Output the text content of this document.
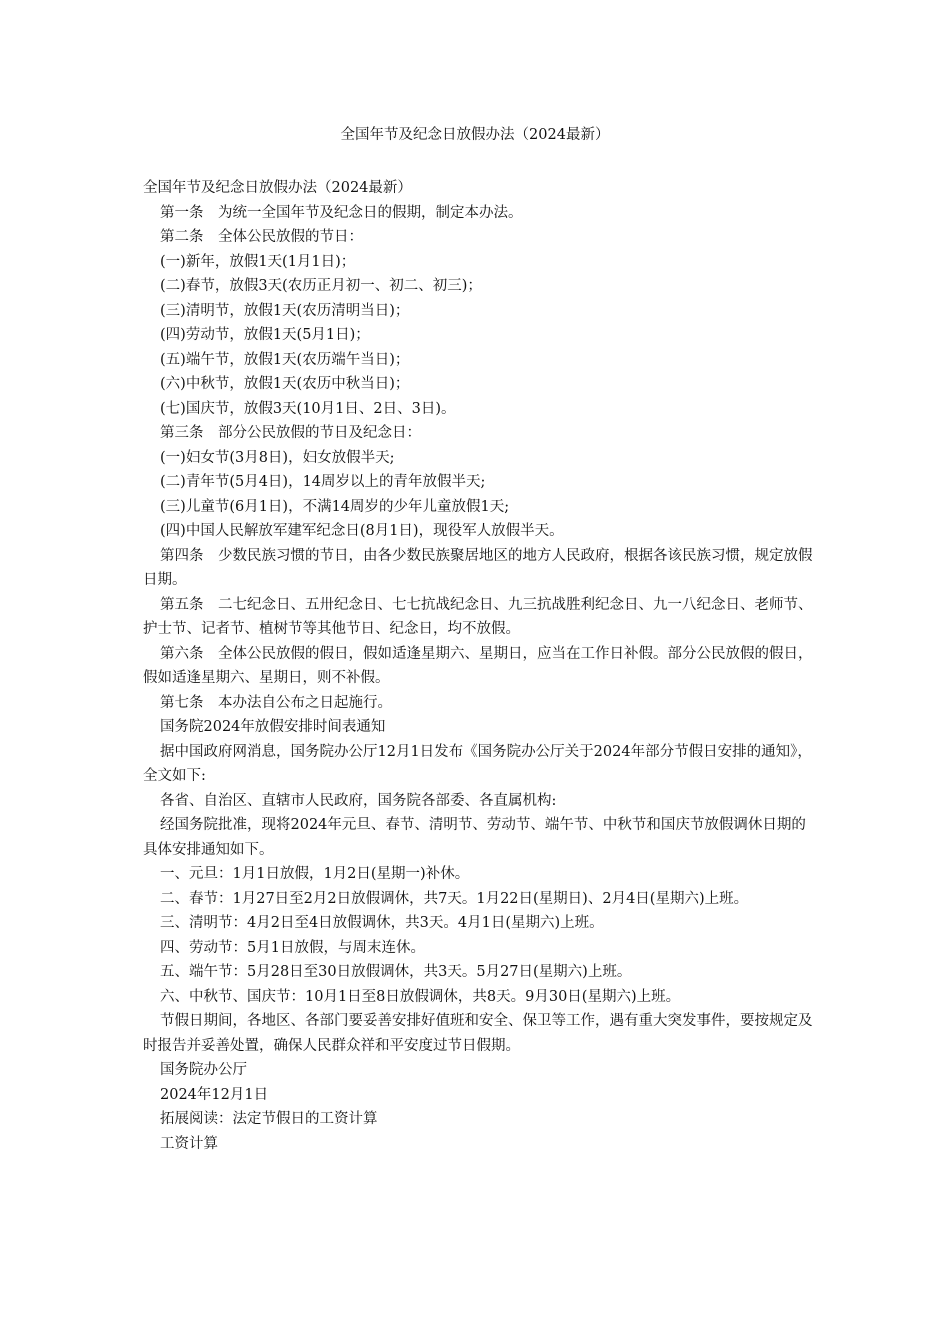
全国年节及纪念日放假办法（2024最新）

全国年节及纪念日放假办法（2024最新）

第一条　为统一全国年节及纪念日的假期，制定本办法。

第二条　全体公民放假的节日：

(一)新年，放假1天(1月1日)；

(二)春节，放假3天(农历正月初一、初二、初三)；

(三)清明节，放假1天(农历清明当日)；

(四)劳动节，放假1天(5月1日)；

(五)端午节，放假1天(农历端午当日)；

(六)中秋节，放假1天(农历中秋当日)；

(七)国庆节，放假3天(10月1日、2日、3日)。

第三条　部分公民放假的节日及纪念日：

(一)妇女节(3月8日)，妇女放假半天;

(二)青年节(5月4日)，14周岁以上的青年放假半天;

(三)儿童节(6月1日)，不满14周岁的少年儿童放假1天;

(四)中国人民解放军建军纪念日(8月1日)，现役军人放假半天。

第四条　少数民族习惯的节日，由各少数民族聚居地区的地方人民政府，根据各该民族习惯，规定放假日期。

第五条　二七纪念日、五卅纪念日、七七抗战纪念日、九三抗战胜利纪念日、九一八纪念日、老师节、护士节、记者节、植树节等其他节日、纪念日，均不放假。

第六条　全体公民放假的假日，假如适逢星期六、星期日，应当在工作日补假。部分公民放假的假日，假如适逢星期六、星期日，则不补假。

第七条　本办法自公布之日起施行。

国务院2024年放假安排时间表通知

据中国政府网消息，国务院办公厅12月1日发布《国务院办公厅关于2024年部分节假日安排的通知》，全文如下:

各省、自治区、直辖市人民政府，国务院各部委、各直属机构:

经国务院批准，现将2024年元旦、春节、清明节、劳动节、端午节、中秋节和国庆节放假调休日期的具体安排通知如下。

一、元旦：1月1日放假，1月2日(星期一)补休。

二、春节：1月27日至2月2日放假调休，共7天。1月22日(星期日)、2月4日(星期六)上班。

三、清明节：4月2日至4日放假调休，共3天。4月1日(星期六)上班。

四、劳动节：5月1日放假，与周末连休。

五、端午节：5月28日至30日放假调休，共3天。5月27日(星期六)上班。

六、中秋节、国庆节：10月1日至8日放假调休，共8天。9月30日(星期六)上班。

节假日期间，各地区、各部门要妥善安排好值班和安全、保卫等工作，遇有重大突发事件，要按规定及时报告并妥善处置，确保人民群众祥和平安度过节日假期。

国务院办公厅

2024年12月1日

拓展阅读：法定节假日的工资计算

工资计算
